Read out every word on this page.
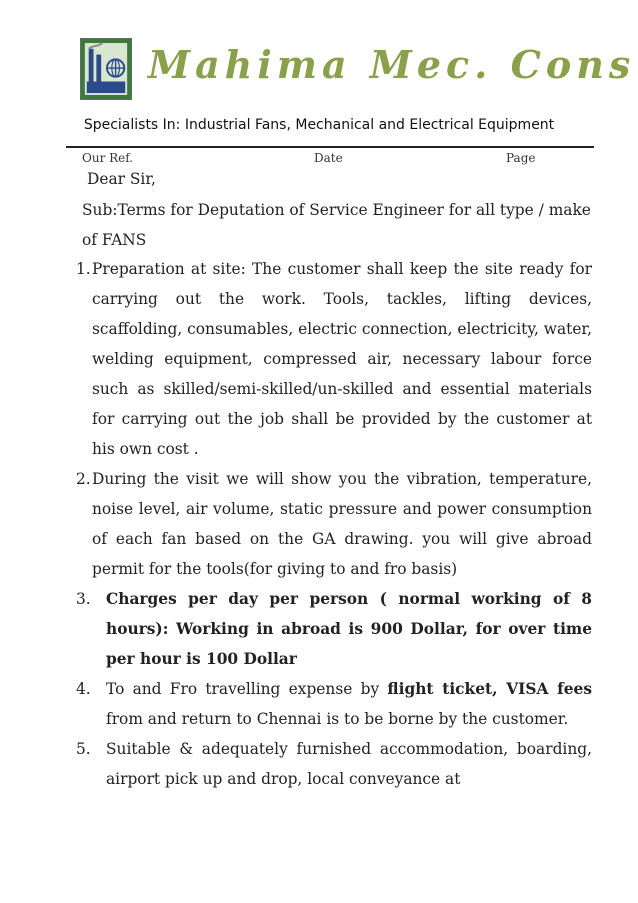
Mahima Mec. Cons
Specialists In: Industrial Fans, Mechanical and Electrical Equipment
Our Ref.	Date	Page
Dear Sir,
Sub:Terms for Deputation of Service Engineer for all type / make of FANS
1. Preparation at site: The customer shall keep the site ready for carrying out the work. Tools, tackles, lifting devices, scaffolding, consumables, electric connection, electricity, water, welding equipment, compressed air, necessary labour force such as skilled/semi-skilled/un-skilled and essential materials for carrying out the job shall be provided by the customer at his own cost .
2. During the visit we will show you the vibration, temperature, noise level, air volume, static pressure and power consumption of each fan based on the GA drawing. you will give abroad permit for the tools(for giving to and fro basis)
3. Charges per day per person ( normal working of 8 hours): Working in abroad is 900 Dollar, for over time per hour is 100 Dollar
4. To and Fro travelling expense by flight ticket, VISA fees from and return to Chennai is to be borne by the customer.
5. Suitable & adequately furnished accommodation, boarding, airport pick up and drop, local conveyance at
